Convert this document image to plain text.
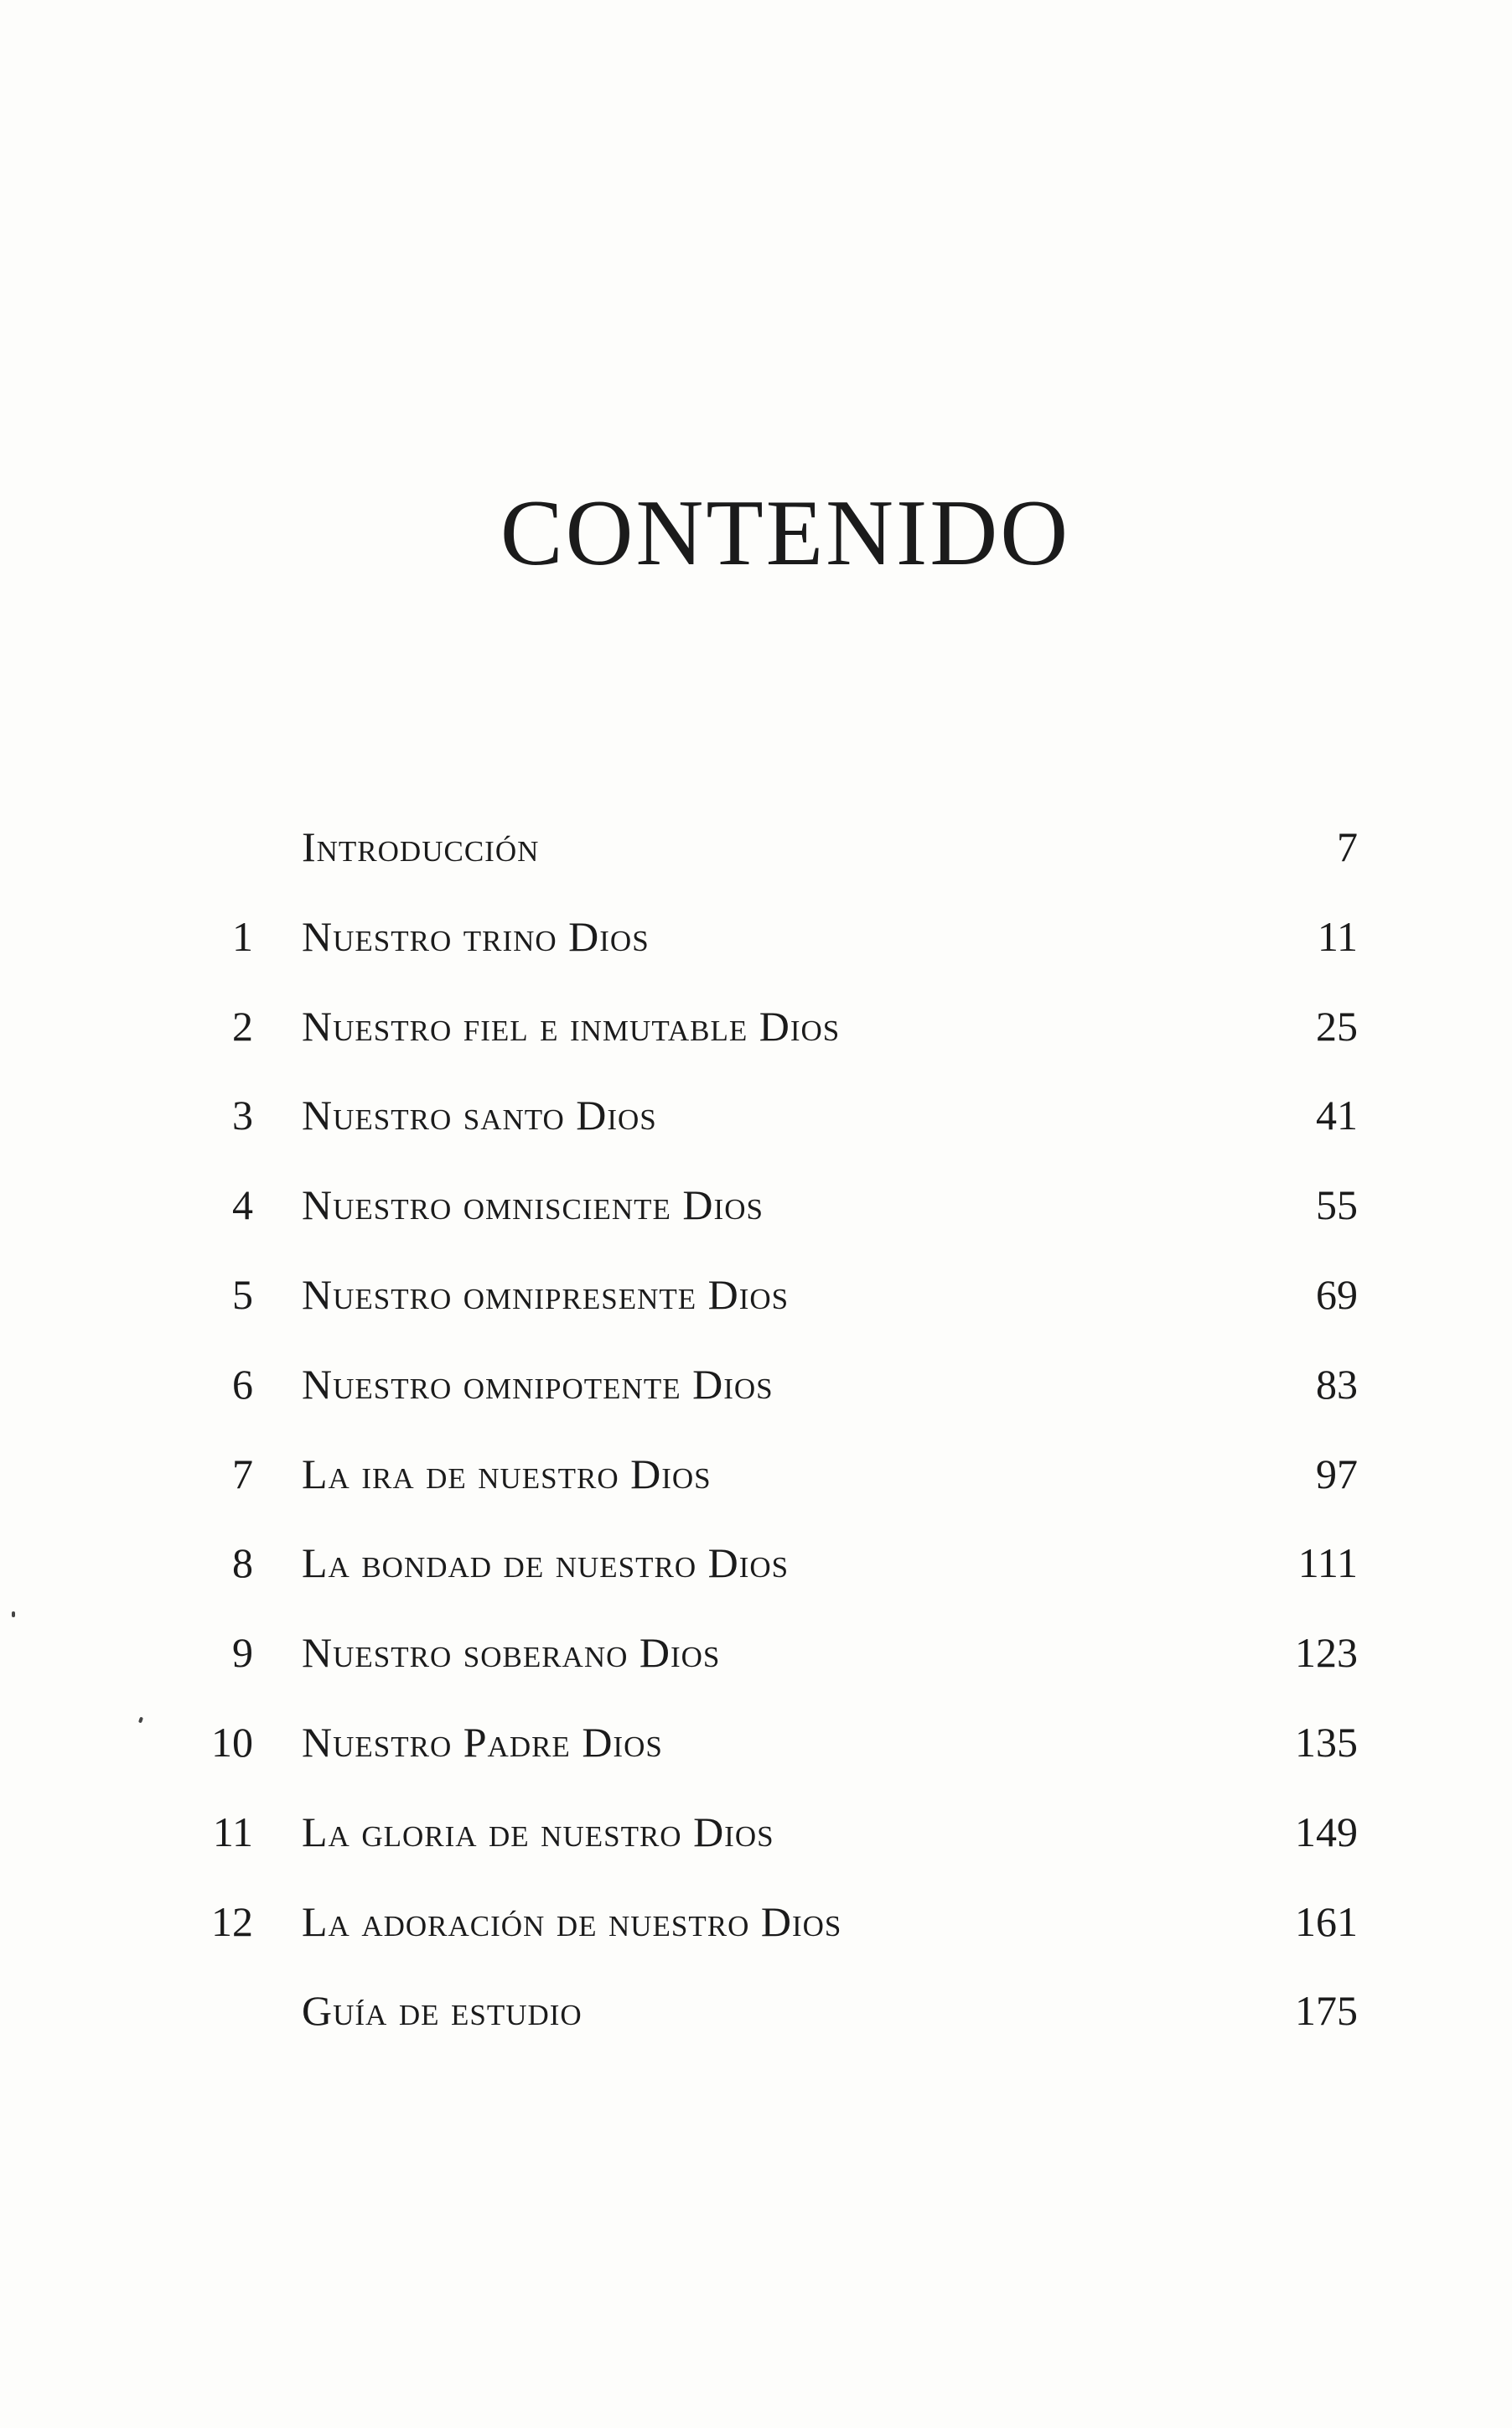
CONTENIDO
Introducción	7
1 Nuestro trino Dios	11
2 Nuestro fiel e inmutable Dios	25
3 Nuestro santo Dios	41
4 Nuestro omnisciente Dios	55
5 Nuestro omnipresente Dios	69
6 Nuestro omnipotente Dios	83
7 La ira de nuestro Dios	97
8 La bondad de nuestro Dios	111
9 Nuestro soberano Dios	123
10 Nuestro Padre Dios	135
11 La gloria de nuestro Dios	149
12 La adoración de nuestro Dios	161
Guía de estudio	175
